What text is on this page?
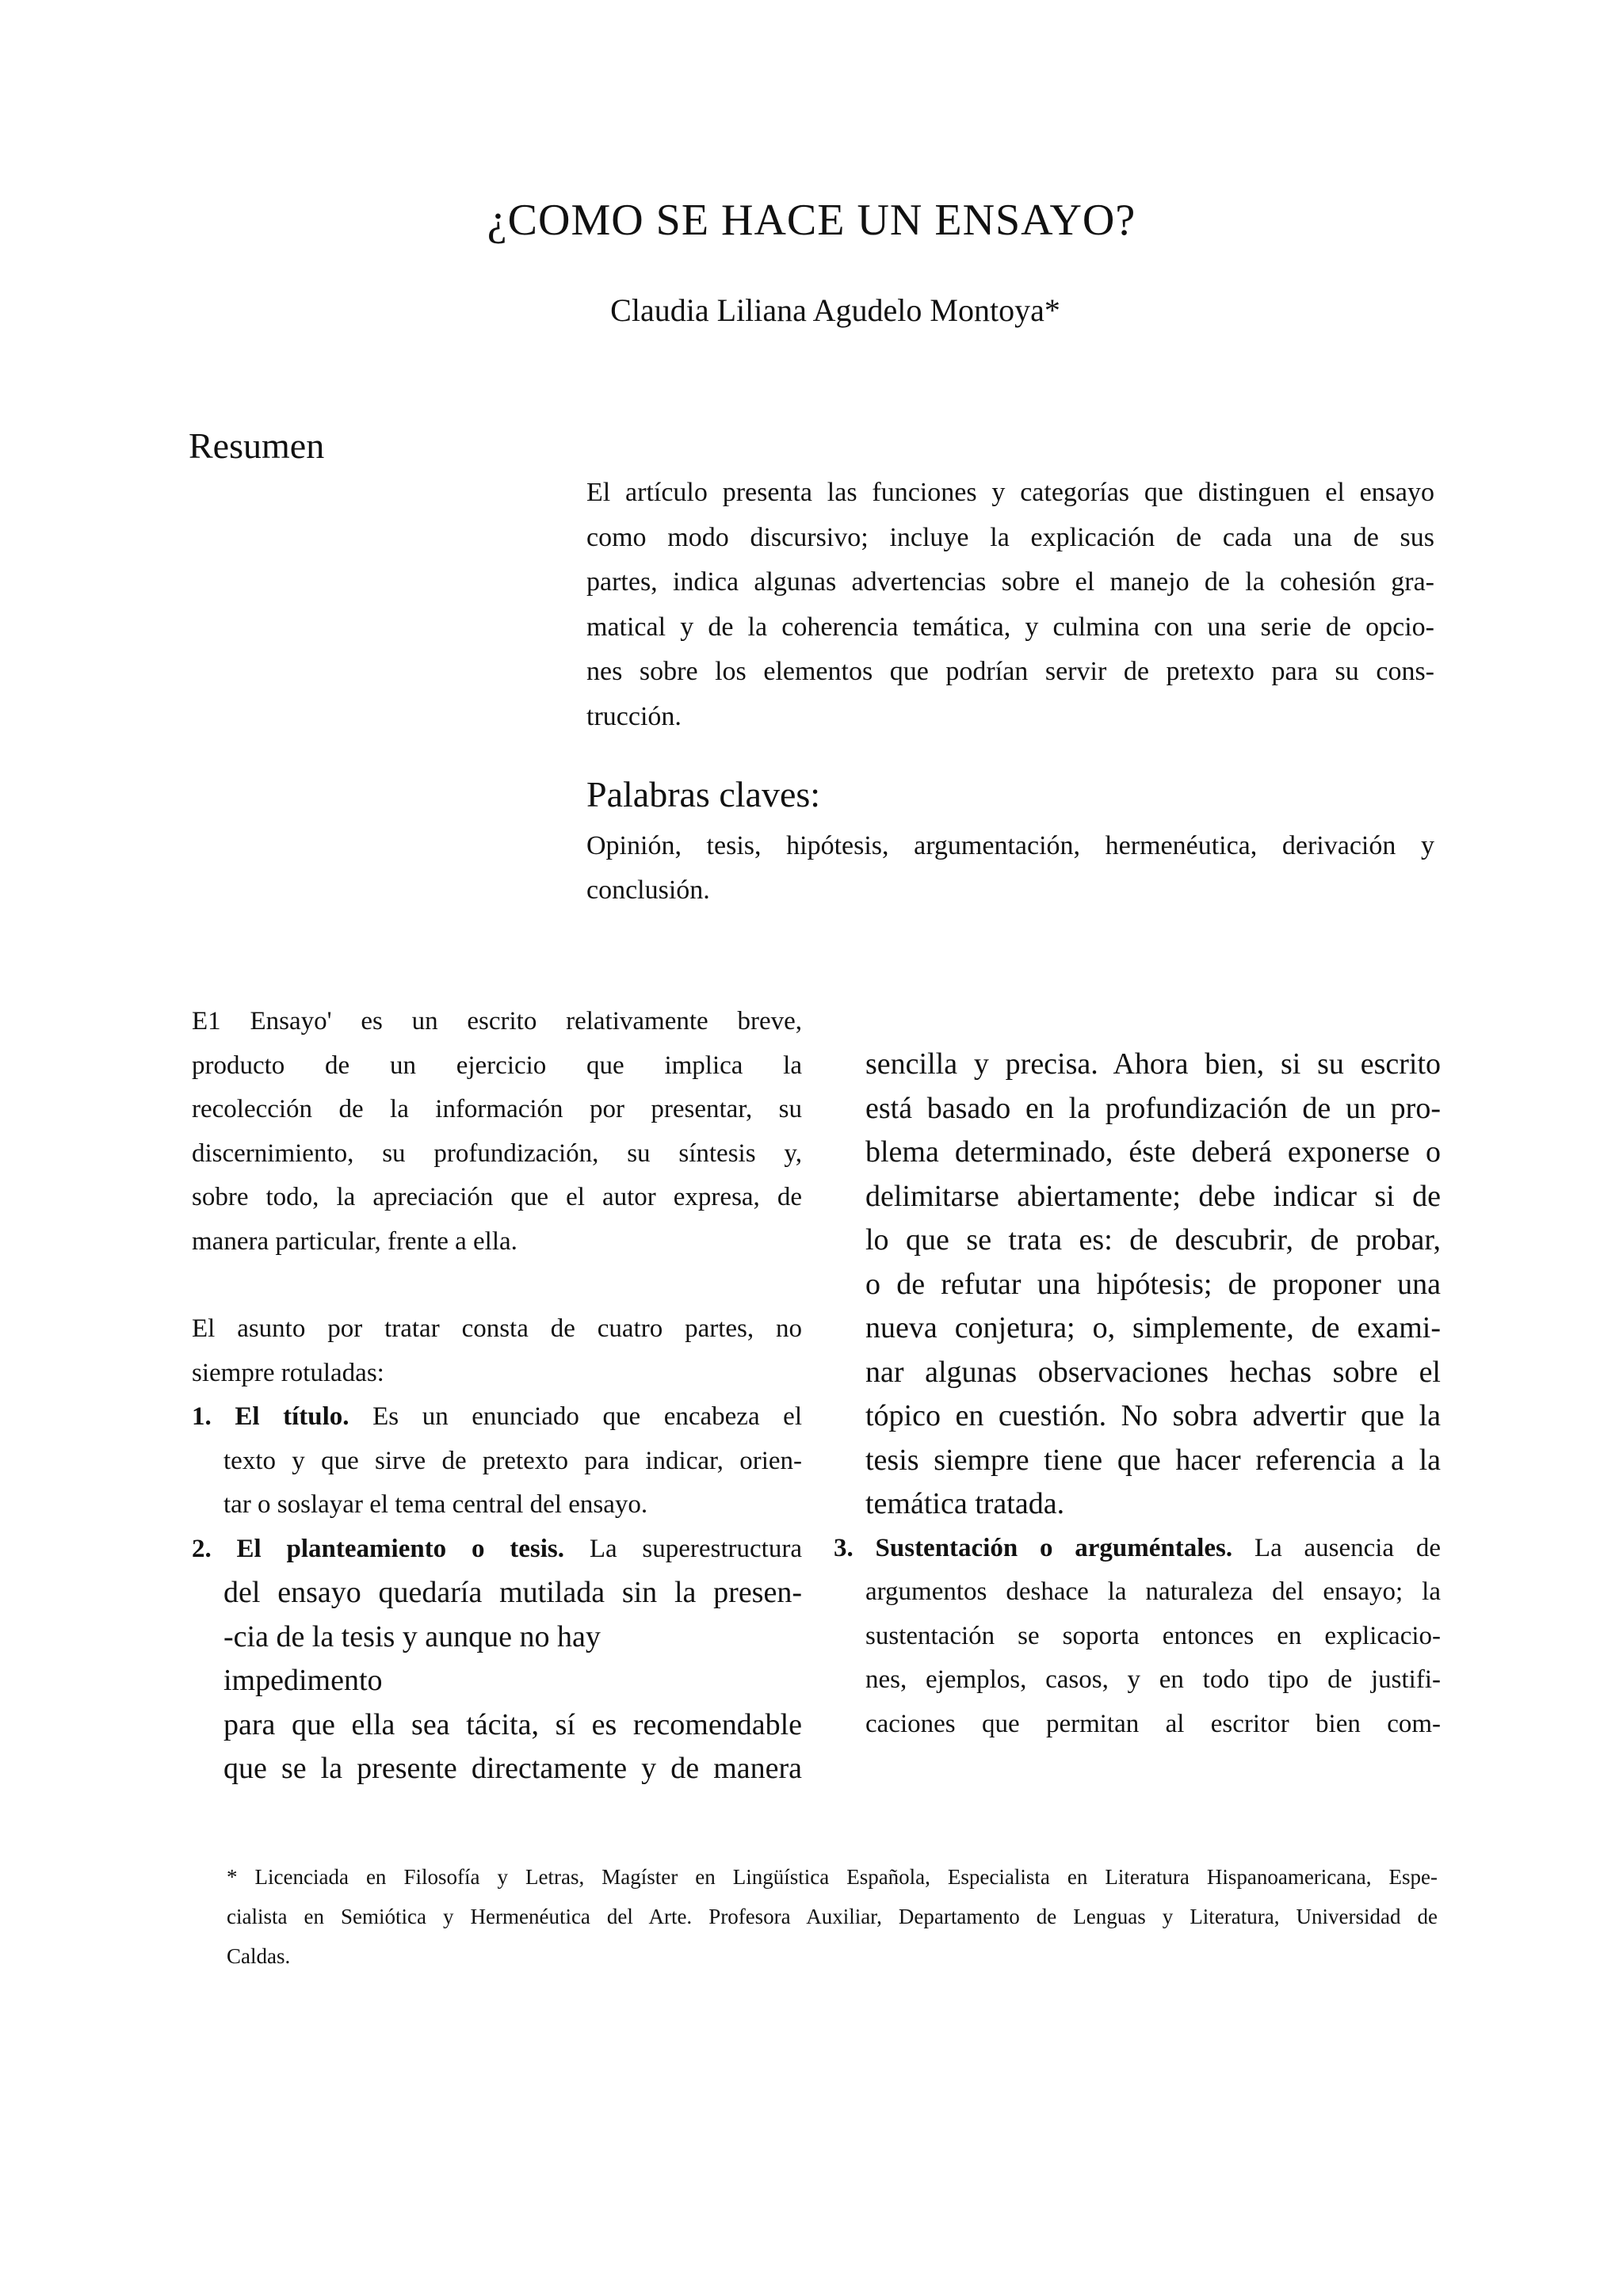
¿COMO SE HACE UN ENSAYO?
Claudia Liliana Agudelo Montoya*
Resumen
El artículo presenta las funciones y categorías que distinguen el ensayo
como modo discursivo; incluye la explicación de cada una de sus
partes, indica algunas advertencias sobre el manejo de la cohesión gra-
matical y de la coherencia temática, y culmina con una serie de opcio-
nes sobre los elementos que podrían servir de pretexto para su cons-
trucción.
Palabras claves:
Opinión, tesis, hipótesis, argumentación, hermenéutica, derivación y
conclusión.
E1 Ensayo' es un escrito relativamente breve,
producto de un ejercicio que implica la
recolección de la información por presentar, su
discernimiento, su profundización, su síntesis y,
sobre todo, la apreciación que el autor expresa, de
manera particular, frente a ella.
El asunto por tratar consta de cuatro partes, no
siempre rotuladas:
1. El título. Es un enunciado que encabeza el
texto y que sirve de pretexto para indicar, orien-
tar o soslayar el tema central del ensayo.
2. El planteamiento o tesis. La superestructura
del ensayo quedaría mutilada sin la presen-
-cia de la tesis y aunque no hay
impedimento
para que ella sea tácita, sí es recomendable
que se la presente directamente y de manera
sencilla y precisa. Ahora bien, si su escrito
está basado en la profundización de un pro-
blema determinado, éste deberá exponerse o
delimitarse abiertamente; debe indicar si de
lo que se trata es: de descubrir, de probar,
o de refutar una hipótesis; de proponer una
nueva conjetura; o, simplemente, de exami-
nar algunas observaciones hechas sobre el
tópico en cuestión. No sobra advertir que la
tesis siempre tiene que hacer referencia a la
temática tratada.
3. Sustentación o arguméntales. La ausencia de
argumentos deshace la naturaleza del ensayo; la
sustentación se soporta entonces en explicacio-
nes, ejemplos, casos, y en todo tipo de justifi-
caciones que permitan al escritor bien com-
* Licenciada en Filosofía y Letras, Magíster en Lingüística Española, Especialista en Literatura Hispanoamericana, Espe-
cialista en Semiótica y Hermenéutica del Arte. Profesora Auxiliar, Departamento de Lenguas y Literatura, Universidad de
Caldas.
